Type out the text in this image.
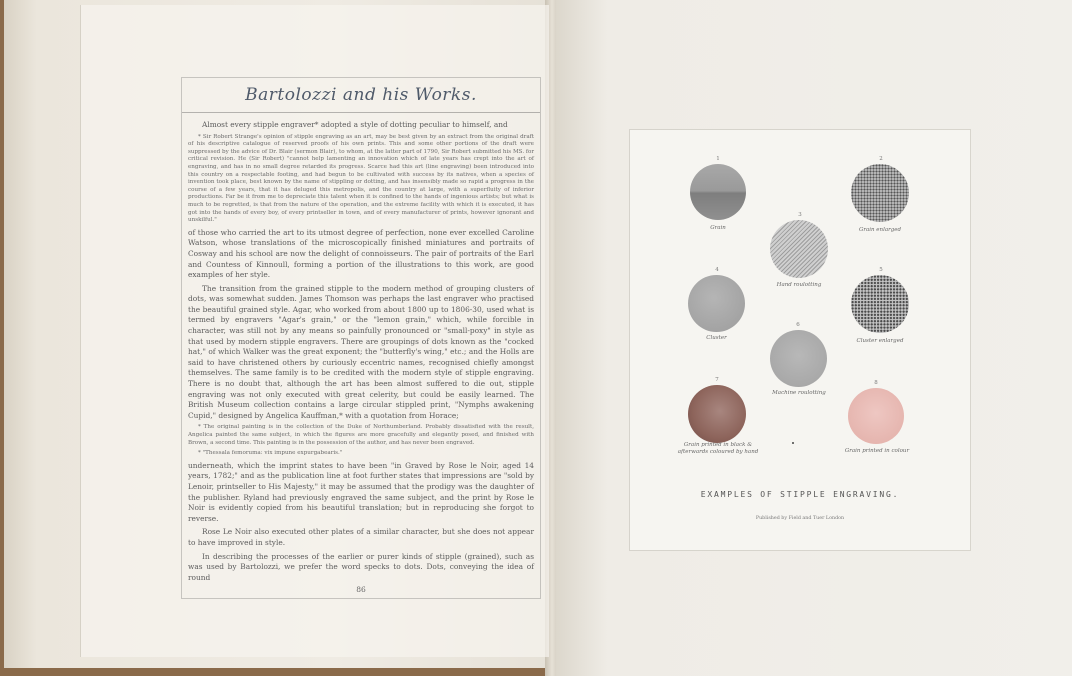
Bartolozzi and his Works.

Almost every stipple engraver* adopted a style of dotting peculiar to himself, and

* Sir Robert Strange's opinion of stipple engraving as an art, may be best given by an extract from the original draft of his descriptive catalogue of reserved proofs of his own prints. This and some other portions of the draft were suppressed by the advice of Dr. Blair (sermon Blair), to whom, at the latter part of 1790, Sir Robert submitted his MS. for critical revision. He (Sir Robert) "cannot help lamenting an innovation which of late years has crept into the art of engraving, and has in no small degree retarded its progress. Scarce had this art (line engraving) been introduced into this country on a respectable footing, and had begun to be cultivated with success by its natives, when a species of invention took place, best known by the name of stippling or dotting, and has insensibly made so rapid a progress in the course of a few years, that it has deluged this metropolis, and the country at large, with a superfluity of inferior productions. Far be it from me to depreciate this talent when it is confined to the hands of ingenious artists; but what is much to be regretted, is that from the nature of the operation, and the extreme facility with which it is executed, it has got into the hands of every boy, of every printseller in town, and of every manufacturer of prints, however ignorant and unskilful."

of those who carried the art to its utmost degree of perfection, none ever excelled Caroline Watson, whose translations of the microscopically finished miniatures and portraits of Cosway and his school are now the delight of connoisseurs. The pair of portraits of the Earl and Countess of Kinnoull, forming a portion of the illustrations to this work, are good examples of her style.

The transition from the grained stipple to the modern method of grouping clusters of dots, was somewhat sudden. James Thomson was perhaps the last engraver who practised the beautiful grained style. Agar, who worked from about 1800 up to 1806-30, used what is termed by engravers "Agar's grain," or the "lemon grain," which, while forcible in character, was still not by any means so painfully pronounced or "small-poxy" in style as that used by modern stipple engravers. There are groupings of dots known as the "cocked hat," of which Walker was the great exponent; the "butterfly's wing," etc.; and the Holls are said to have christened others by curiously eccentric names, recognised chiefly amongst themselves. The same family is to be credited with the modern style of stipple engraving. There is no doubt that, although the art has been almost suffered to die out, stipple engraving was not only executed with great celerity, but could be easily learned. The British Museum collection contains a large circular stippled print, "Nymphs awakening Cupid," designed by Angelica Kauffman,* with a quotation from Horace;

* The original painting is in the collection of the Duke of Northumberland. Probably dissatisfied with the result, Angelica painted the same subject, in which the figures are more gracefully and elegantly posed, and finished with Brown, a second time. This painting is in the possession of the author, and has never been engraved.

* "Thessala femoruma: vix impune expurgabearis."

underneath, which the imprint states to have been "in Graved by Rose le Noir, aged 14 years, 1782;" and as the publication line at foot further states that impressions are "sold by Lenoir, printseller to His Majesty," it may be assumed that the prodigy was the daughter of the publisher. Ryland had previously engraved the same subject, and the print by Rose le Noir is evidently copied from his beautiful translation; but in reproducing she forgot to reverse.

Rose Le Noir also executed other plates of a similar character, but she does not appear to have improved in style.

In describing the processes of the earlier or purer kinds of stipple (grained), such as was used by Bartolozzi, we prefer the word specks to dots. Dots, conveying the idea of round

86
1
Grain
2
Grain enlarged
3
Hand roulotting
4
Cluster
5
Cluster enlarged
6
Machine roulotting
7
Grain printed in black &
afterwards coloured by hand
8
Grain printed in colour
EXAMPLES OF STIPPLE ENGRAVING.
Published by Field and Tuer London
